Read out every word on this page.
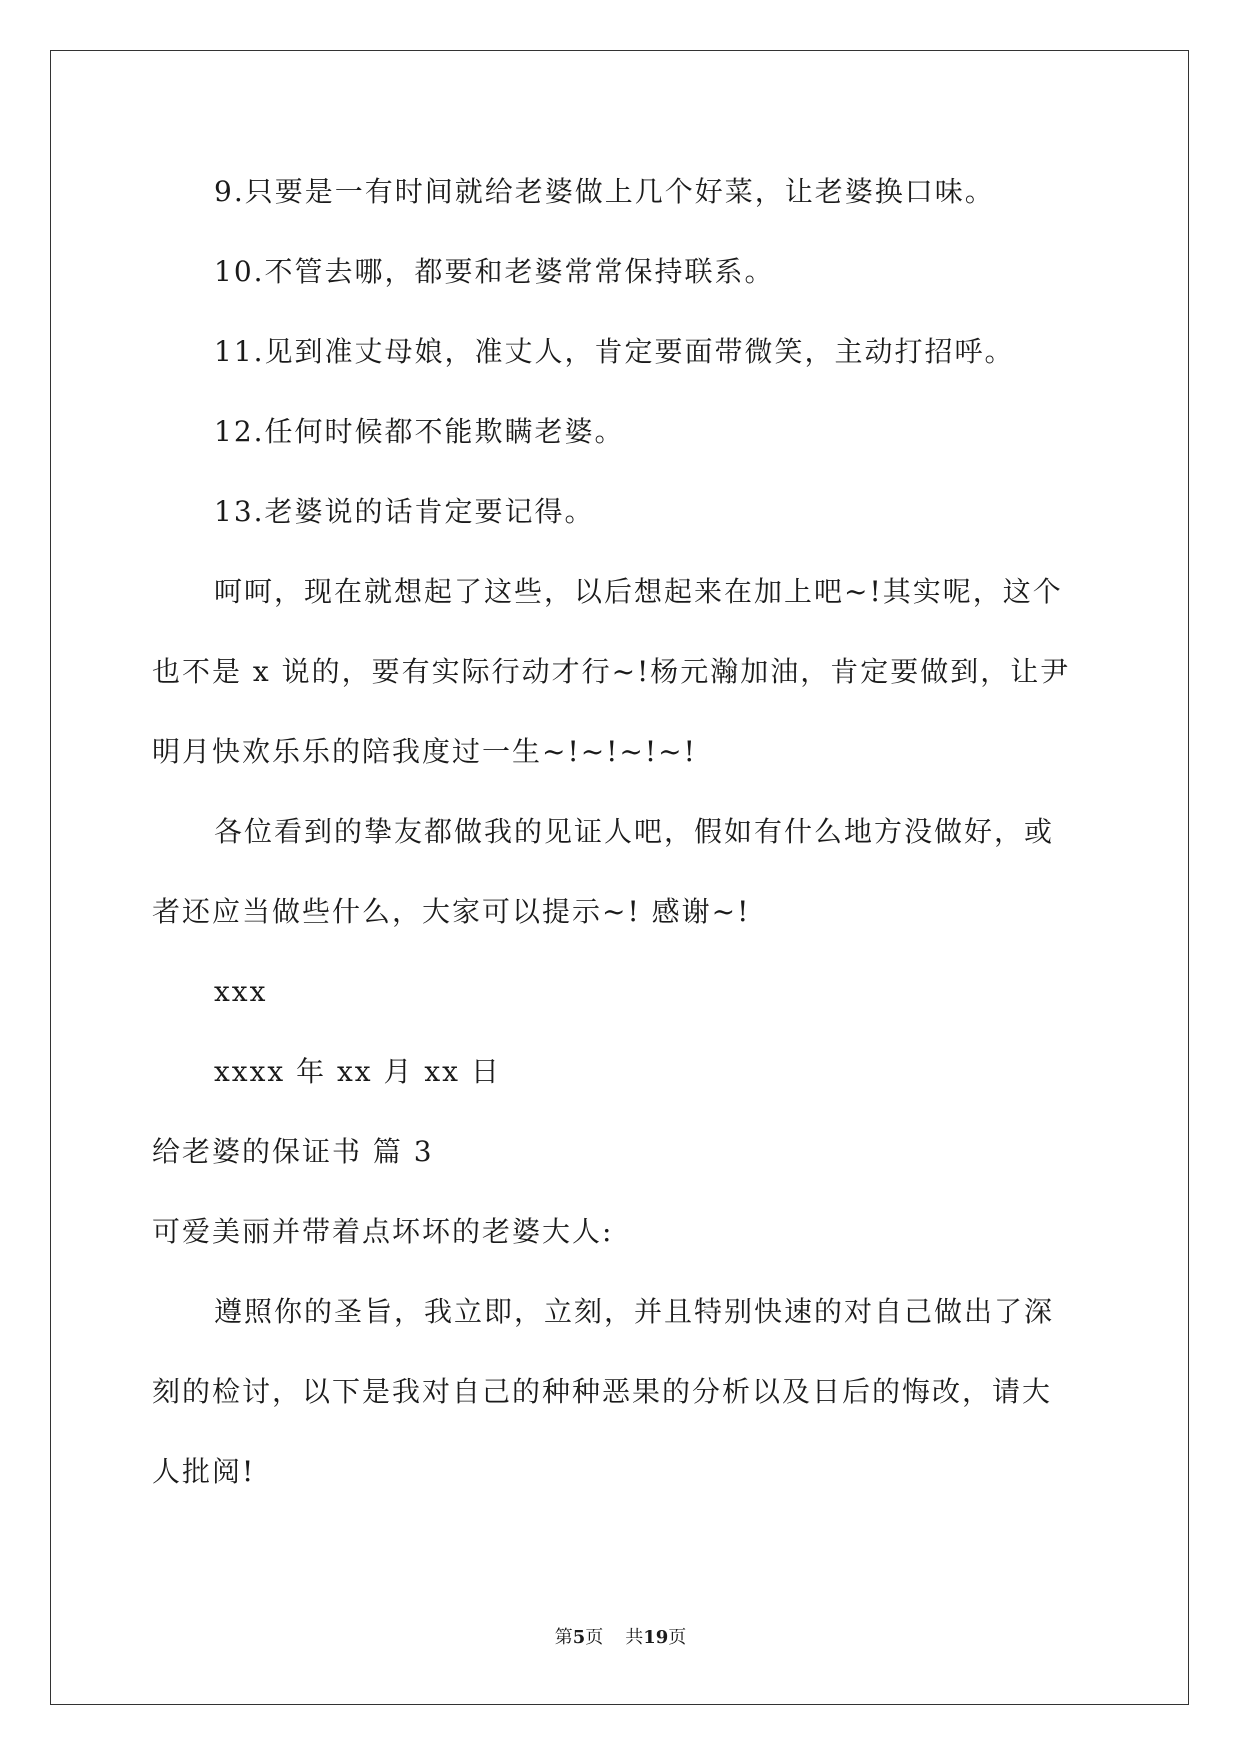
9.只要是一有时间就给老婆做上几个好菜，让老婆换口味。
10.不管去哪，都要和老婆常常保持联系。
11.见到准丈母娘，准丈人，肯定要面带微笑，主动打招呼。
12.任何时候都不能欺瞒老婆。
13.老婆说的话肯定要记得。
呵呵，现在就想起了这些，以后想起来在加上吧~!其实呢，这个
也不是 x 说的，要有实际行动才行~!杨元瀚加油，肯定要做到，让尹
明月快欢乐乐的陪我度过一生~!~!~!~!
各位看到的挚友都做我的见证人吧，假如有什么地方没做好，或
者还应当做些什么，大家可以提示~! 感谢~!
xxx
xxxx 年 xx 月 xx 日
给老婆的保证书 篇 3
可爱美丽并带着点坏坏的老婆大人:
遵照你的圣旨，我立即，立刻，并且特别快速的对自己做出了深
刻的检讨，以下是我对自己的种种恶果的分析以及日后的悔改，请大
人批阅!
第5页 共19页
